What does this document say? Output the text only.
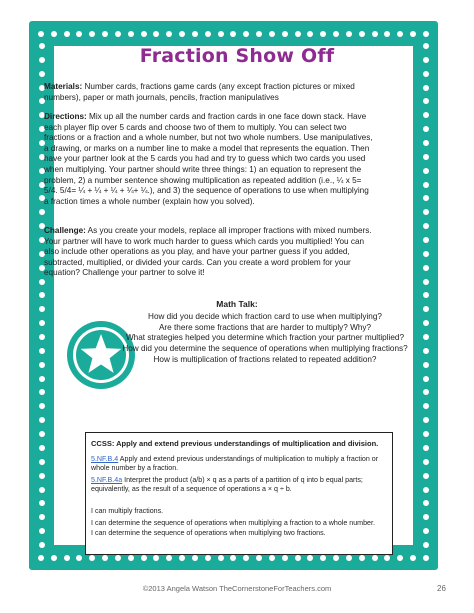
Fraction Show Off
Materials: Number cards, fractions game cards (any except fraction pictures or mixed numbers), paper or math journals, pencils, fraction manipulatives
Directions: Mix up all the number cards and fraction cards in one face down stack. Have each player flip over 5 cards and choose two of them to multiply. You can select two fractions or a fraction and a whole number, but not two whole numbers. Use manipulatives, a drawing, or marks on a number line to make a model that represents the equation. Then have your partner look at the 5 cards you had and try to guess which two cards you used when multiplying. Your partner should write three things: 1) an equation to represent the problem, 2) a number sentence showing multiplication as repeated addition (i.e., ¼ x 5= 5/4. 5/4= ¼ + ¼ + ¼ + ¼+ ¼.), and 3) the sequence of operations to use when multiplying a fraction times a whole number (explain how you solved).
Challenge: As you create your models, replace all improper fractions with mixed numbers. Your partner will have to work much harder to guess which cards you multiplied! You can also include other operations as you play, and have your partner guess if you added, subtracted, multiplied, or divided your cards. Can you create a word problem for your equation? Challenge your partner to solve it!
Math Talk:
How did you decide which fraction card to use when multiplying?
Are there some fractions that are harder to multiply? Why?
What strategies helped you determine which fraction your partner multiplied?
How did you determine the sequence of operations when multiplying fractions?
How is multiplication of fractions related to repeated addition?
CCSS: Apply and extend previous understandings of multiplication and division.
5.NF.B.4 Apply and extend previous understandings of multiplication to multiply a fraction or whole number by a fraction.
5.NF.B.4a Interpret the product (a/b) × q as a parts of a partition of q into b equal parts; equivalently, as the result of a sequence of operations a × q ÷ b.
I can multiply fractions.
I can determine the sequence of operations when multiplying a fraction to a whole number.
I can determine the sequence of operations when multiplying two fractions.
©2013 Angela Watson TheCornerstoneForTeachers.com	26
